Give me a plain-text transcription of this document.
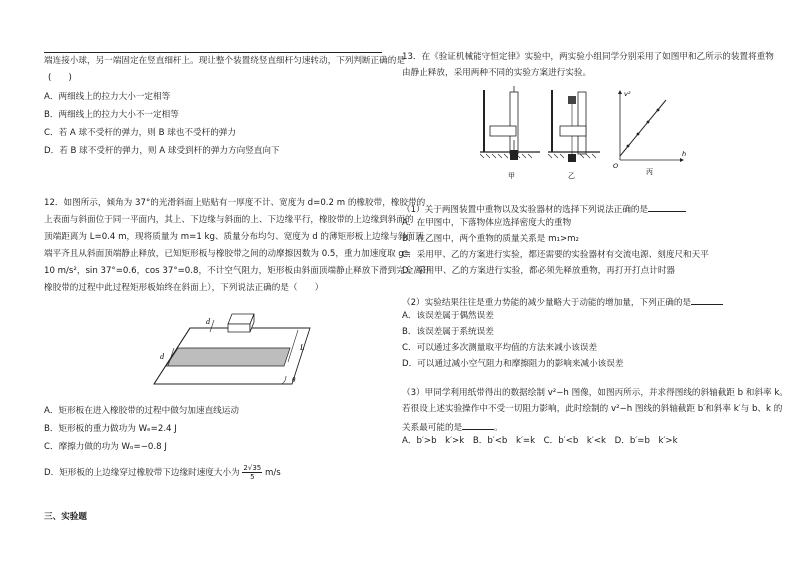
端连接小球，另一端固定在竖直细杆上。现让整个装置绕竖直细杆匀速转动，下列判断正确的是
(　　)
A．两细线上的拉力大小一定相等
B．两细线上的拉力大小不一定相等
C．若 A 球不受杆的弹力，则 B 球也不受杆的弹力
D．若 B 球不受杆的弹力，则 A 球受到杆的弹力方向竖直向下
12．如图所示，倾角为 37°的光滑斜面上贴贴有一厚度不计、宽度为 d=0.2 m 的橡胶带，橡胶带的
上表面与斜面位于同一平面内，其上、下边缘与斜面的上、下边缘平行，橡胶带的上边缘到斜面的
顶端距离为 L=0.4 m，现将质量为 m=1 kg、质量分布均匀、宽度为 d 的薄矩形板上边缘与斜面顶
端平齐且从斜面顶端静止释放，已知矩形板与橡胶带之间的动摩擦因数为 0.5，重力加速度取 g=
10 m/s²，sin 37°=0.6，cos 37°=0.8，不计空气阻力，矩形板由斜面顶端静止释放下滑到完全离开
橡胶带的过程中此过程矩形板始终在斜面上），下列说法正确的是（　　）
d
d
L
θ
A．矩形板在进入橡胶带的过程中做匀加速直线运动
B．矩形板的重力做功为 Wₑ=2.4 J
C．摩擦力做的功为 Wₒ=−0.8 J
D．矩形板的上边缘穿过橡胶带下边缘时速度大小为 $\frac{2√35}{5} m/s$
三、实验题
13．在《验证机械能守恒定律》实验中，两实验小组同学分别采用了如图甲和乙所示的装置将重物
由静止释放，采用两种不同的实验方案进行实验。
甲	乙
v²
h
O
丙
（1）关于两图装置中重物以及实验器材的选择下列说法正确的是
A．在甲图中，下落物体应选择密度大的重物
B．在乙图中，两个重物的质量关系是 m₁>m₂
C．采用甲、乙的方案进行实验，都还需要的实验器材有交流电源、刻度尺和天平
D．采用甲、乙的方案进行实验，都必须先释放重物，再打开打点计时器
（2）实验结果往往是重力势能的减少量略大于动能的增加量，下列正确的是
A．该误差属于偶然误差
B．该误差属于系统误差
C．可以通过多次测量取平均值的方法来减小该误差
D．可以通过减小空气阻力和摩擦阻力的影响来减小该误差
（3）甲同学利用纸带得出的数据绘制 v²−h 图像，如图丙所示，并求得图线的斜轴截距 b 和斜率 k。
若很设上述实验操作中不受一切阻力影响，此时绘制的 v²−h 图线的斜轴截距 b′和斜率 k′与 b、k 的
关系最可能的是	。
A．b′>b　k′>k　B．b′<b　k′=k　C．b′<b　k′<k　D．b′=b　k′>k
